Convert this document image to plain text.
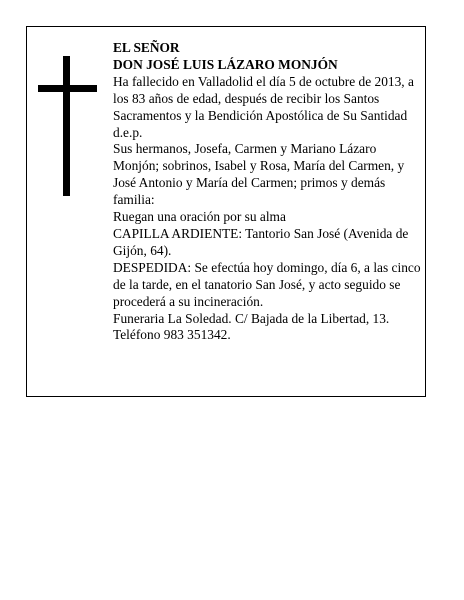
EL SEÑOR

DON JOSÉ LUIS LÁZARO MONJÓN

Ha fallecido en Valladolid el día 5 de octubre de 2013, a los 83 años de edad, después de recibir los Santos Sacramentos y la Bendición Apostólica de Su Santidad d.e.p.

Sus hermanos, Josefa, Carmen y Mariano Lázaro Monjón; sobrinos, Isabel y Rosa, María del Carmen, y José Antonio y María del Carmen; primos y demás familia:

Ruegan una oración por su alma

CAPILLA ARDIENTE: Tantorio San José (Avenida de Gijón, 64).

DESPEDIDA: Se efectúa hoy domingo, día 6, a las cinco de la tarde, en el tanatorio San José, y acto seguido se procederá a su incineración.

Funeraria La Soledad. C/ Bajada de la Libertad, 13. Teléfono 983 351342.
